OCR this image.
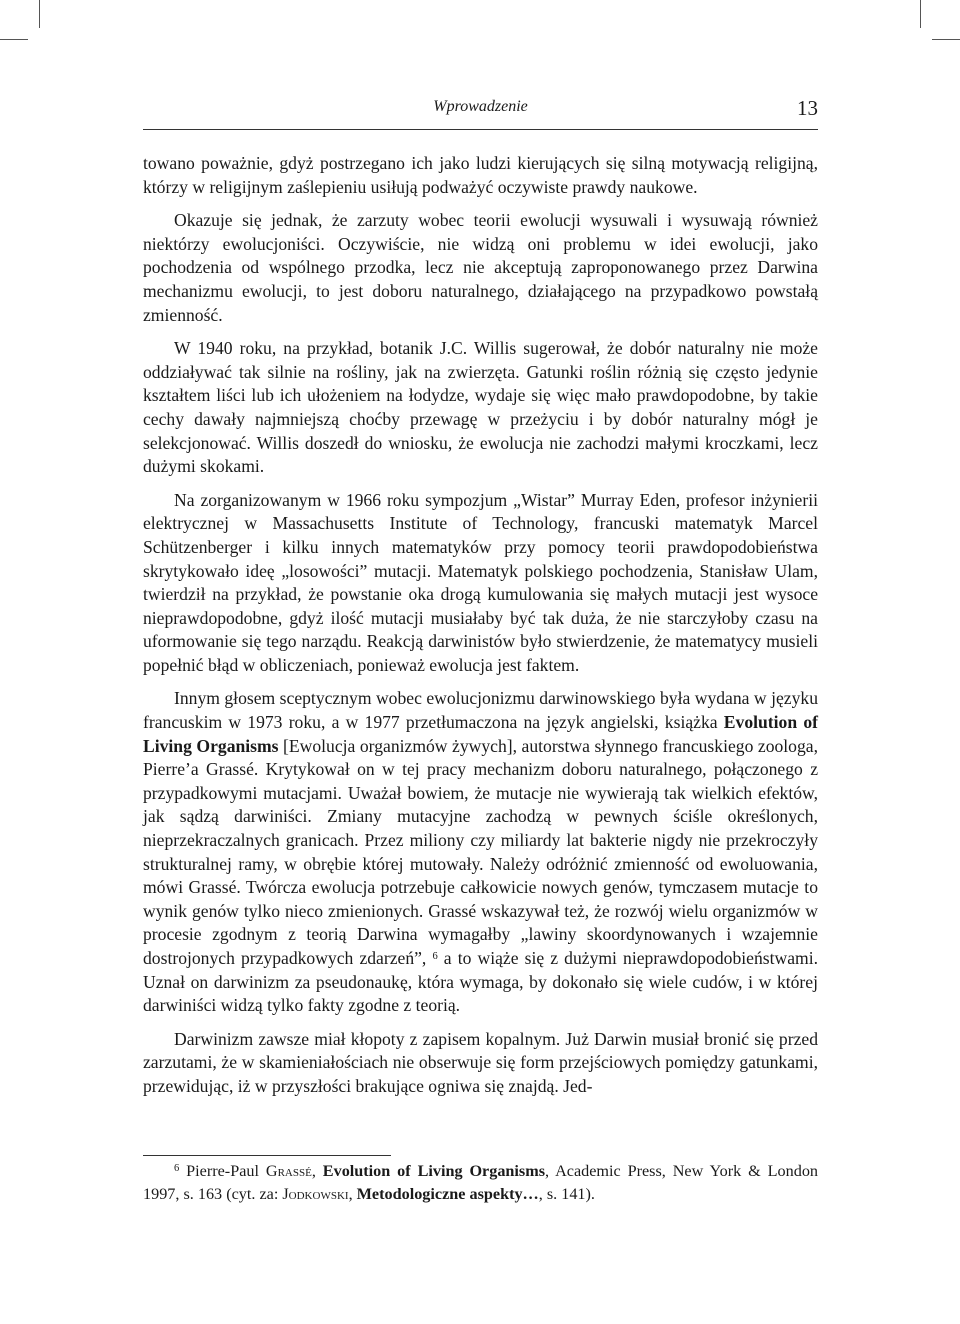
Wprowadzenie	13

towano poważnie, gdyż postrzegano ich jako ludzi kierujących się silną motywacją religijną, którzy w religijnym zaślepieniu usiłują podważyć oczywiste prawdy naukowe.

Okazuje się jednak, że zarzuty wobec teorii ewolucji wysuwali i wysuwają również niektórzy ewolucjoniści. Oczywiście, nie widzą oni problemu w idei ewolucji, jako pochodzenia od wspólnego przodka, lecz nie akceptują zaproponowanego przez Darwina mechanizmu ewolucji, to jest doboru naturalnego, działającego na przypadkowo powstałą zmienność.

W 1940 roku, na przykład, botanik J.C. Willis sugerował, że dobór naturalny nie może oddziaływać tak silnie na rośliny, jak na zwierzęta. Gatunki roślin różnią się często jedynie kształtem liści lub ich ułożeniem na łodydze, wydaje się więc mało prawdopodobne, by takie cechy dawały najmniejszą choćby przewagę w przeżyciu i by dobór naturalny mógł je selekcjonować. Willis doszedł do wniosku, że ewolucja nie zachodzi małymi kroczkami, lecz dużymi skokami.

Na zorganizowanym w 1966 roku sympozjum „Wistar” Murray Eden, profesor inżynierii elektrycznej w Massachusetts Institute of Technology, francuski matematyk Marcel Schützenberger i kilku innych matematyków przy pomocy teorii prawdopodobieństwa skrytykowało ideę „losowości” mutacji. Matematyk polskiego pochodzenia, Stanisław Ulam, twierdził na przykład, że powstanie oka drogą kumulowania się małych mutacji jest wysoce nieprawdopodobne, gdyż ilość mutacji musiałaby być tak duża, że nie starczyłoby czasu na uformowanie się tego narządu. Reakcją darwinistów było stwierdzenie, że matematycy musieli popełnić błąd w obliczeniach, ponieważ ewolucja jest faktem.

Innym głosem sceptycznym wobec ewolucjonizmu darwinowskiego była wydana w języku francuskim w 1973 roku, a w 1977 przetłumaczona na język angielski, książka Evolution of Living Organisms [Ewolucja organizmów żywych], autorstwa słynnego francuskiego zoologa, Pierre’a Grassé. Krytykował on w tej pracy mechanizm doboru naturalnego, połączonego z przypadkowymi mutacjami. Uważał bowiem, że mutacje nie wywierają tak wielkich efektów, jak sądzą darwiniści. Zmiany mutacyjne zachodzą w pewnych ściśle określonych, nieprzekraczalnych granicach. Przez miliony czy miliardy lat bakterie nigdy nie przekroczyły strukturalnej ramy, w obrębie której mutowały. Należy odróżnić zmienność od ewoluowania, mówi Grassé. Twórcza ewolucja potrzebuje całkowicie nowych genów, tymczasem mutacje to wynik genów tylko nieco zmienionych. Grassé wskazywał też, że rozwój wielu organizmów w procesie zgodnym z teorią Darwina wymagałby „lawiny skoordynowanych i wzajemnie dostrojonych przypadkowych zdarzeń”, $^6$ a to wiąże się z dużymi nieprawdopodobieństwami. Uznał on darwinizm za pseudonaukę, która wymaga, by dokonało się wiele cudów, i w której darwiniści widzą tylko fakty zgodne z teorią.

Darwinizm zawsze miał kłopoty z zapisem kopalnym. Już Darwin musiał bronić się przed zarzutami, że w skamieniałościach nie obserwuje się form przejściowych pomiędzy gatunkami, przewidując, iż w przyszłości brakujące ogniwa się znajdą. Jed-

$^6$ Pierre-Paul Grassé, Evolution of Living Organisms, Academic Press, New York & London 1997, s. 163 (cyt. za: Jodkowski, Metodologiczne aspekty…, s. 141).
